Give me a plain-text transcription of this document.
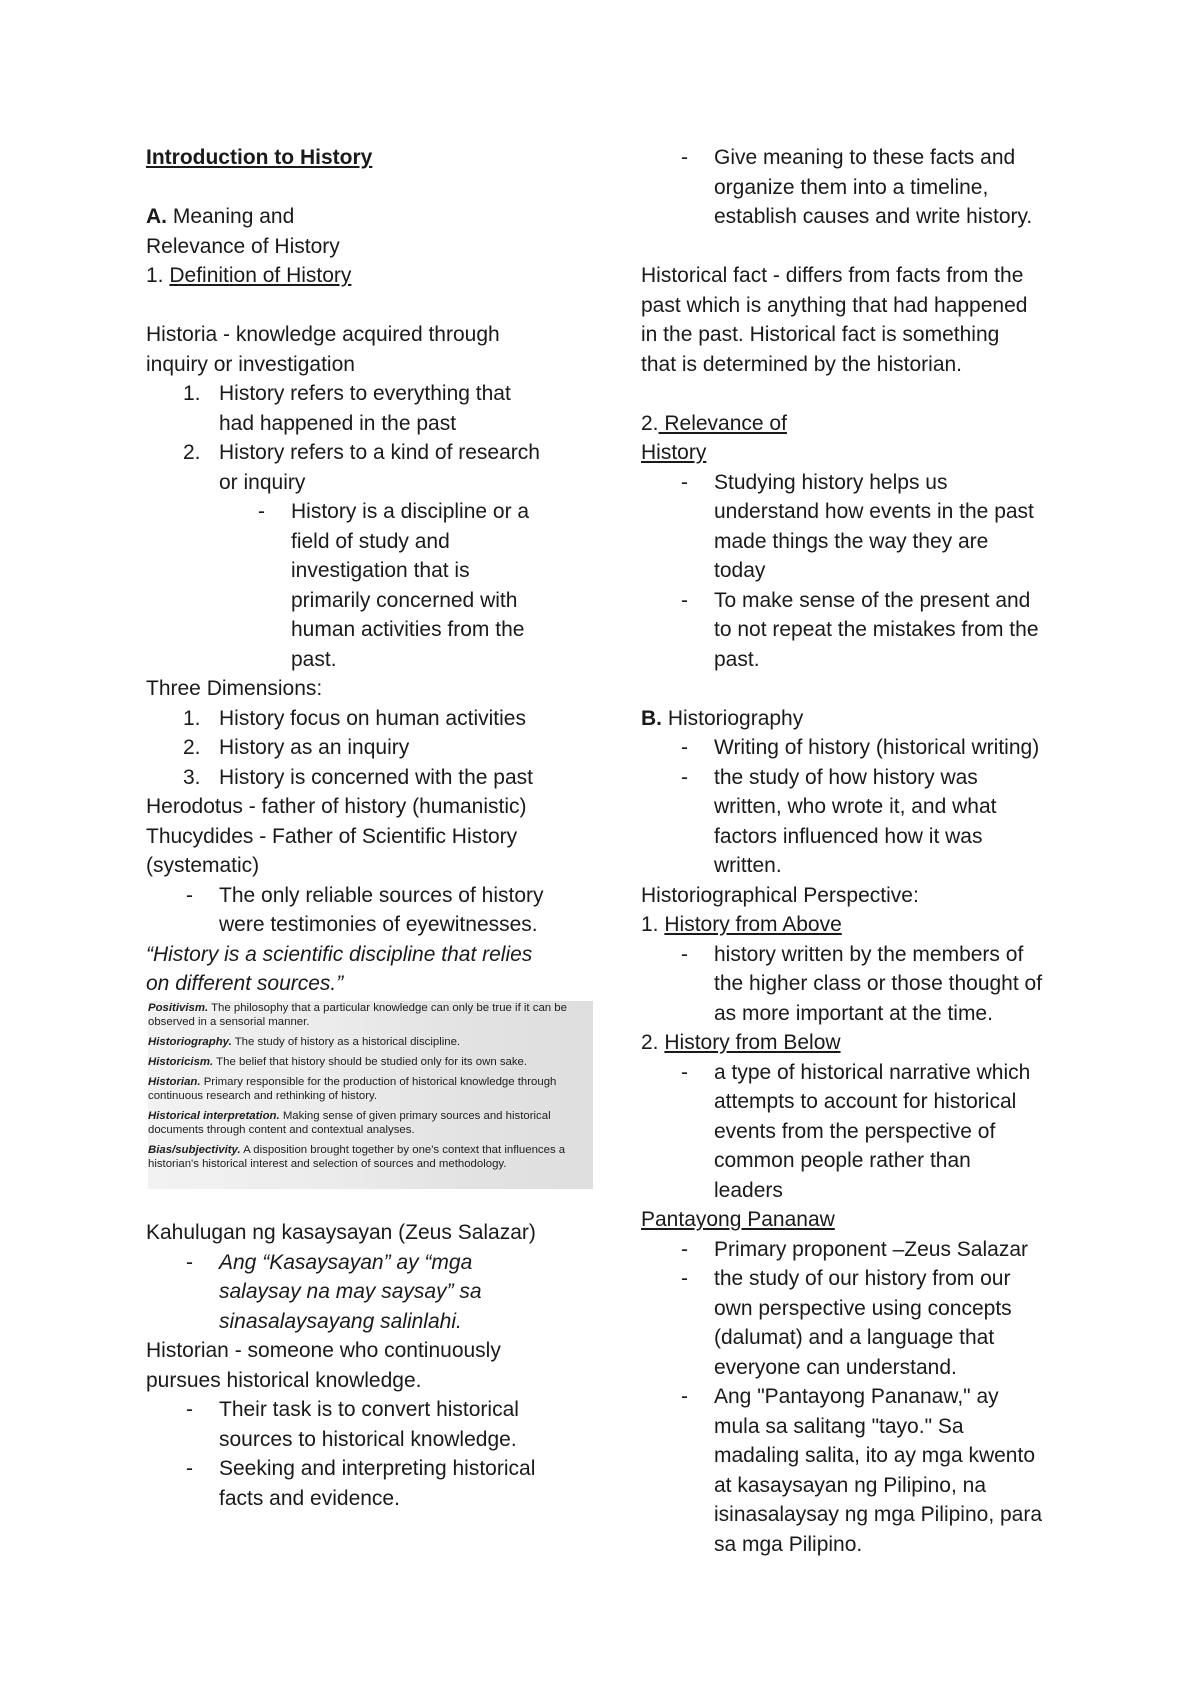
Introduction to History
A. Meaning and
Relevance of History
1. Definition of History
Historia - knowledge acquired through
inquiry or investigation
1. History refers to everything that
had happened in the past
2. History refers to a kind of research
or inquiry
- History is a discipline or a
field of study and
investigation that is
primarily concerned with
human activities from the
past.
Three Dimensions:
1. History focus on human activities
2. History as an inquiry
3. History is concerned with the past
Herodotus - father of history (humanistic)
Thucydides - Father of Scientific History
(systematic)
- The only reliable sources of history
were testimonies of eyewitnesses.
“History is a scientific discipline that relies
on different sources.”
Positivism. The philosophy that a particular knowledge can only be true if it can be observed in a sensorial manner.
Historiography. The study of history as a historical discipline.
Historicism. The belief that history should be studied only for its own sake.
Historian. Primary responsible for the production of historical knowledge through continuous research and rethinking of history.
Historical interpretation. Making sense of given primary sources and historical documents through content and contextual analyses.
Bias/subjectivity. A disposition brought together by one's context that influences a historian's historical interest and selection of sources and methodology.
Kahulugan ng kasaysayan (Zeus Salazar)
- Ang “Kasaysayan” ay “mga
salaysay na may saysay” sa
sinasalaysayang salinlahi.
Historian - someone who continuously
pursues historical knowledge.
- Their task is to convert historical
sources to historical knowledge.
- Seeking and interpreting historical
facts and evidence.
- Give meaning to these facts and
organize them into a timeline,
establish causes and write history.
Historical fact - differs from facts from the
past which is anything that had happened
in the past. Historical fact is something
that is determined by the historian.
2. Relevance of
History
- Studying history helps us
understand how events in the past
made things the way they are
today
- To make sense of the present and
to not repeat the mistakes from the
past.
B. Historiography
- Writing of history (historical writing)
- the study of how history was
written, who wrote it, and what
factors influenced how it was
written.
Historiographical Perspective:
1. History from Above
- history written by the members of
the higher class or those thought of
as more important at the time.
2. History from Below
- a type of historical narrative which
attempts to account for historical
events from the perspective of
common people rather than
leaders
Pantayong Pananaw
- Primary proponent –Zeus Salazar
- the study of our history from our
own perspective using concepts
(dalumat) and a language that
everyone can understand.
- Ang "Pantayong Pananaw," ay
mula sa salitang "tayo." Sa
madaling salita, ito ay mga kwento
at kasaysayan ng Pilipino, na
isinasalaysay ng mga Pilipino, para
sa mga Pilipino.
